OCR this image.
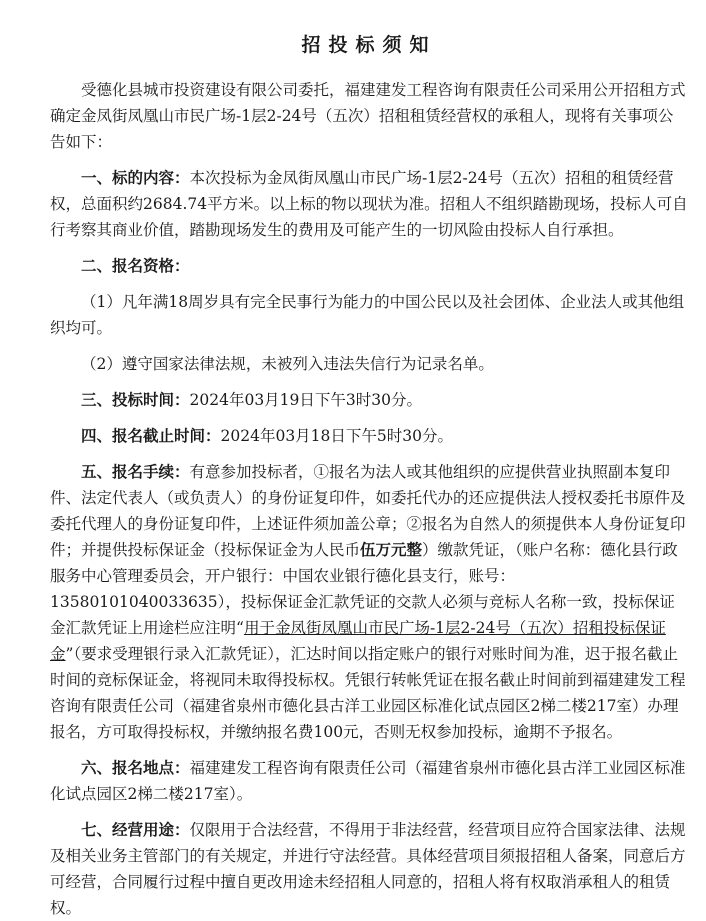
招投标须知

受德化县城市投资建设有限公司委托，福建建发工程咨询有限责任公司采用公开招租方式确定金凤街凤凰山市民广场-1层2-24号（五次）招租租赁经营权的承租人，现将有关事项公告如下：

一、标的内容：本次投标为金凤街凤凰山市民广场-1层2-24号（五次）招租的租赁经营权，总面积约2684.74平方米。以上标的物以现状为准。招租人不组织踏勘现场，投标人可自行考察其商业价值，踏勘现场发生的费用及可能产生的一切风险由投标人自行承担。

二、报名资格：

（1）凡年满18周岁具有完全民事行为能力的中国公民以及社会团体、企业法人或其他组织均可。

（2）遵守国家法律法规，未被列入违法失信行为记录名单。

三、投标时间：2024年03月19日下午3时30分。

四、报名截止时间：2024年03月18日下午5时30分。

五、报名手续：有意参加投标者，①报名为法人或其他组织的应提供营业执照副本复印件、法定代表人（或负责人）的身份证复印件，如委托代办的还应提供法人授权委托书原件及委托代理人的身份证复印件，上述证件须加盖公章；②报名为自然人的须提供本人身份证复印件；并提供投标保证金（投标保证金为人民币伍万元整）缴款凭证，（账户名称：德化县行政服务中心管理委员会，开户银行：中国农业银行德化县支行，账号：13580101040033635），投标保证金汇款凭证的交款人必须与竞标人名称一致，投标保证金汇款凭证上用途栏应注明“用于金凤街凤凰山市民广场-1层2-24号（五次）招租投标保证金”（要求受理银行录入汇款凭证），汇达时间以指定账户的银行对账时间为准，迟于报名截止时间的竞标保证金，将视同未取得投标权。凭银行转帐凭证在报名截止时间前到福建建发工程咨询有限责任公司（福建省泉州市德化县古洋工业园区标准化试点园区2梯二楼217室）办理报名，方可取得投标权，并缴纳报名费100元，否则无权参加投标，逾期不予报名。

六、报名地点：福建建发工程咨询有限责任公司（福建省泉州市德化县古洋工业园区标准化试点园区2梯二楼217室）。

七、经营用途：仅限用于合法经营，不得用于非法经营，经营项目应符合国家法律、法规及相关业务主管部门的有关规定，并进行守法经营。具体经营项目须报招租人备案，同意后方可经营，合同履行过程中擅自更改用途未经招租人同意的，招租人将有权取消承租人的租赁权。
